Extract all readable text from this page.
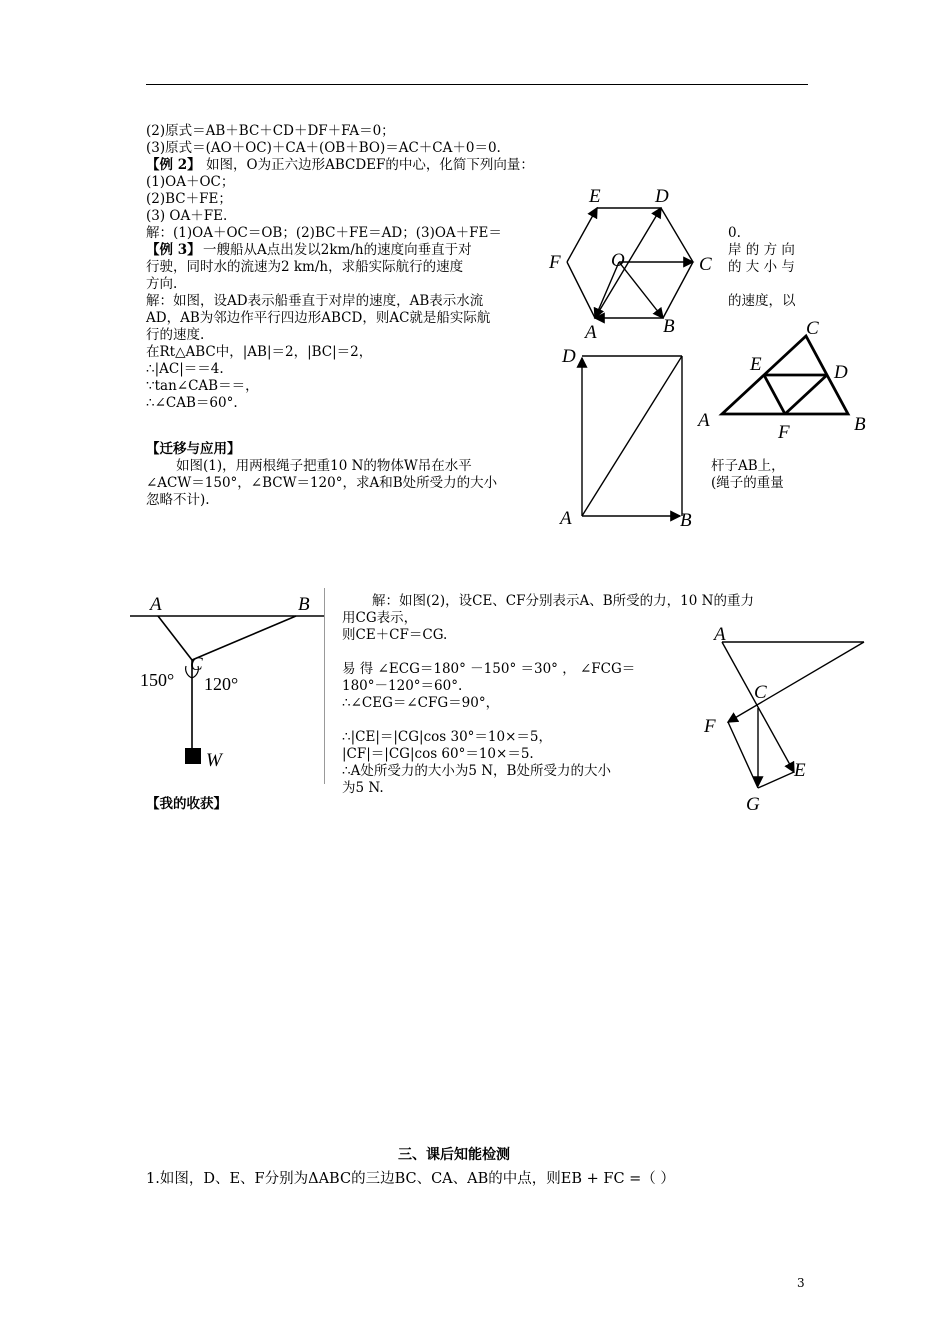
(2)原式＝AB＋BC＋CD＋DF＋FA＝0；
(3)原式＝(AO＋OC)＋CA＋(OB＋BO)＝AC＋CA＋0＝0.
【例 2】 如图，O为正六边形ABCDEF的中心，化简下列向量：
(1)OA＋OC；
(2)BC＋FE；
(3) OA＋FE.
解：(1)OA＋OC＝OB；(2)BC＋FE＝AD；(3)OA＋FE＝	0.
【例 3】 一艘船从A点出发以2km/h的速度向垂直于对	岸 的 方 向
行驶，同时水的流速为2 km/h，求船实际航行的速度	的 大 小 与
方向.
解：如图，设AD表示船垂直于对岸的速度，AB表示水流	的速度，以
AD，AB为邻边作平行四边形ABCD，则AC就是船实际航
行的速度.
在Rt△ABC中，|AB|＝2，|BC|＝2，
∴|AC|＝＝4.
∵tan∠CAB＝＝，
∴∠CAB＝60°.
【迁移与应用】
如图(1)，用两根绳子把重10 N的物体W吊在水平	杆子AB上，
∠ACW＝150°，∠BCW＝120°，求A和B处所受力的大小	(绳子的重量
忽略不计).
解：如图(2)，设CE、CF分别表示A、B所受的力，10 N的重力
用CG表示，
则CE＋CF＝CG.
易 得 ∠ECG＝180° －150° ＝30° ， ∠FCG＝
180°－120°＝60°.
∴∠CEG＝∠CFG＝90°，
∴|CE|＝|CG|cos 30°＝10×＝5，
|CF|＝|CG|cos 60°＝10×＝5.
∴A处所受力的大小为5 N，B处所受力的大小
为5 N.
【我的收获】
三、课后知能检测
1.如图，D、E、F分别为ΔABC的三边BC、CA、AB的中点，则EB + FC =（ ）
3
E	D
F	O	C
A	B	C
E	D
A
F	B
D
A	B
A	B
C
150° 120°
W
A
C
F
E
G
